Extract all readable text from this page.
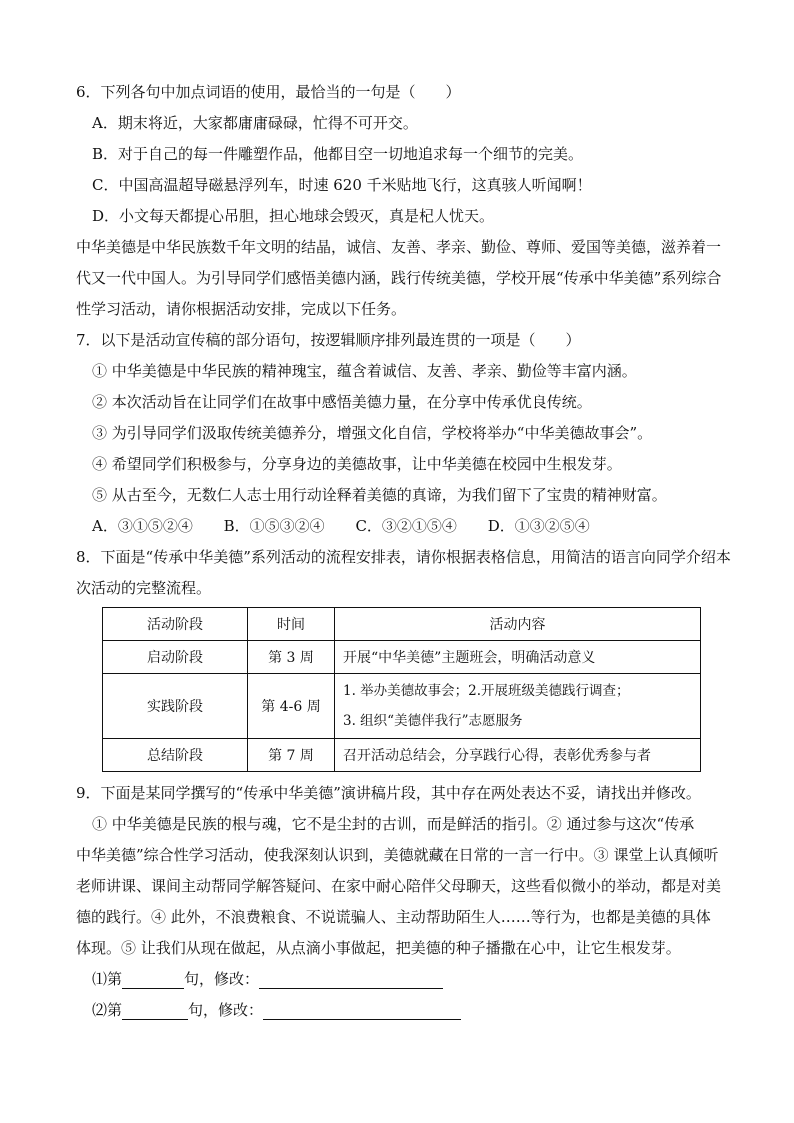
6．下列各句中加点词语的使用，最恰当的一句是（　　）
A．期末将近，大家都庸庸碌碌，忙得不可开交。
B．对于自己的每一件雕塑作品，他都目空一切地追求每一个细节的完美。
C．中国高温超导磁悬浮列车，时速 620 千米贴地飞行，这真骇人听闻啊！
D．小文每天都提心吊胆，担心地球会毁灭，真是杞人忧天。
中华美德是中华民族数千年文明的结晶，诚信、友善、孝亲、勤俭、尊师、爱国等美德，滋养着一
代又一代中国人。为引导同学们感悟美德内涵，践行传统美德，学校开展“传承中华美德”系列综合
性学习活动，请你根据活动安排，完成以下任务。
7．以下是活动宣传稿的部分语句，按逻辑顺序排列最连贯的一项是（　　）
① 中华美德是中华民族的精神瑰宝，蕴含着诚信、友善、孝亲、勤俭等丰富内涵。
② 本次活动旨在让同学们在故事中感悟美德力量，在分享中传承优良传统。
③ 为引导同学们汲取传统美德养分，增强文化自信，学校将举办“中华美德故事会”。
④ 希望同学们积极参与，分享身边的美德故事，让中华美德在校园中生根发芽。
⑤ 从古至今，无数仁人志士用行动诠释着美德的真谛，为我们留下了宝贵的精神财富。
A．③①⑤②④ B．①⑤③②④ C．③②①⑤④ D．①③②⑤④
8．下面是“传承中华美德”系列活动的流程安排表，请你根据表格信息，用简洁的语言向同学介绍本
次活动的完整流程。
活动阶段	时间	活动内容
启动阶段	第 3 周	开展“中华美德”主题班会，明确活动意义
实践阶段	第 4-6 周	1. 举办美德故事会；2.开展班级美德践行调查；
3. 组织“美德伴我行”志愿服务

总结阶段	第 7 周	召开活动总结会，分享践行心得，表彰优秀参与者
9．下面是某同学撰写的“传承中华美德”演讲稿片段，其中存在两处表达不妥，请找出并修改。
① 中华美德是民族的根与魂，它不是尘封的古训，而是鲜活的指引。② 通过参与这次“传承
中华美德”综合性学习活动，使我深刻认识到，美德就藏在日常的一言一行中。③ 课堂上认真倾听
老师讲课、课间主动帮同学解答疑问、在家中耐心陪伴父母聊天，这些看似微小的举动，都是对美
德的践行。④ 此外，不浪费粮食、不说谎骗人、主动帮助陌生人……等行为，也都是美德的具体
体现。⑤ 让我们从现在做起，从点滴小事做起，把美德的种子播撒在心中，让它生根发芽。
⑴第	句，修改：
⑵第	句，修改：
